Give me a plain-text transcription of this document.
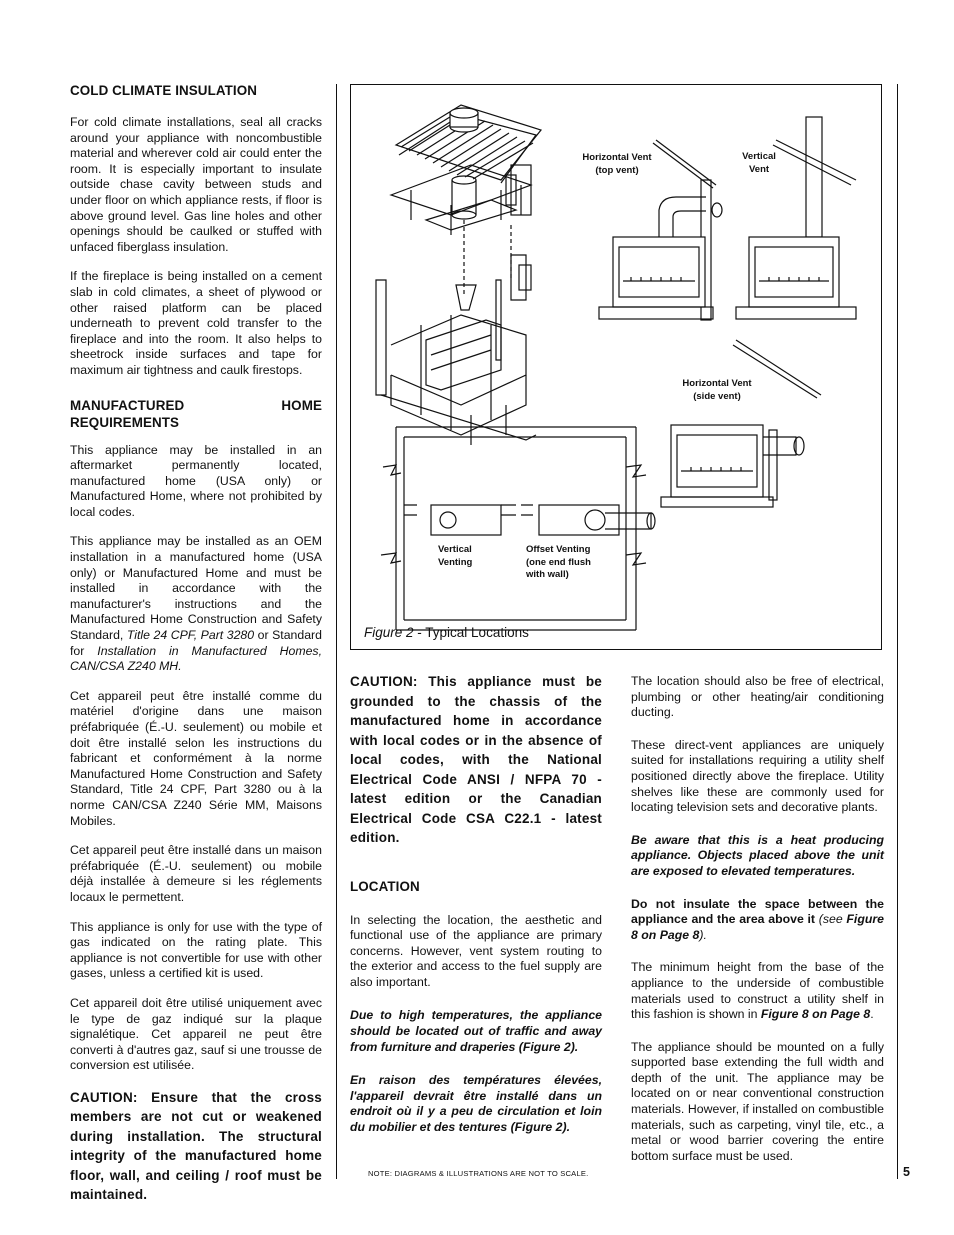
COLD CLIMATE INSULATION

For cold climate installations, seal all cracks around your appliance with noncombustible material and wherever cold air could enter the room. It is especially important to insulate outside chase cavity between studs and under floor on which appliance rests, if floor is above ground level. Gas line holes and other openings should be caulked or stuffed with unfaced fiberglass insulation.

If the fireplace is being installed on a cement slab in cold climates, a sheet of plywood or other raised platform can be placed underneath to prevent cold transfer to the fireplace and into the room. It also helps to sheetrock inside surfaces and tape for maximum air tightness and caulk firestops.

MANUFACTURED HOME REQUIREMENTS

This appliance may be installed in an aftermarket permanently located, manufactured home (USA only) or Manufactured Home, where not prohibited by local codes.

This appliance may be installed as an OEM installation in a manufactured home (USA only) or Manufactured Home and must be installed in accordance with the manufacturer's instructions and the Manufactured Home Construction and Safety Standard, Title 24 CPF, Part 3280 or Standard for Installation in Manufactured Homes, CAN/CSA Z240 MH.

Cet appareil peut être installé comme du matériel d'origine dans une maison préfabriquée (É.-U. seulement) ou mobile et doit être installé selon les instructions du fabricant et conformément à la norme Manufactured Home Construction and Safety Standard, Title 24 CPF, Part 3280 ou à la norme CAN/CSA Z240 Série MM, Maisons Mobiles.

Cet appareil peut être installé dans un maison préfabriquée (É.-U. seulement) ou mobile déjà installée à demeure si les réglements locaux le permettent.

This appliance is only for use with the type of gas indicated on the rating plate. This appliance is not convertible for use with other gases, unless a certified kit is used.

Cet appareil doit être utilisé uniquement avec le type de gaz indiqué sur la plaque signalétique. Cet appareil ne peut être converti à d'autres gaz, sauf si une trousse de conversion est utilisée.

CAUTION: Ensure that the cross members are not cut or weakened during installation. The structural integrity of the manufactured home floor, wall, and ceiling / roof must be maintained.

Horizontal Vent
(top vent)
Vertical
Vent
Horizontal Vent
(side vent)
Vertical
Venting
Offset Venting
(one end flush
with wall)
Figure 2 - Typical Locations

CAUTION: This appliance must be grounded to the chassis of the manufactured home in accordance with local codes or in the absence of local codes, with the National Electrical Code ANSI / NFPA 70 - latest edition or the Canadian Electrical Code CSA C22.1 - latest edition.

LOCATION

In selecting the location, the aesthetic and functional use of the appliance are primary concerns. However, vent system routing to the exterior and access to the fuel supply are also important.

Due to high temperatures, the appliance should be located out of traffic and away from furniture and draperies (Figure 2).

En raison des températures élevées, l'appareil devrait être installé dans un endroit où il y a peu de circulation et loin du mobilier et des tentures (Figure 2).

NOTE: DIAGRAMS & ILLUSTRATIONS ARE NOT TO SCALE.

The location should also be free of electrical, plumbing or other heating/air conditioning ducting.

These direct-vent appliances are uniquely suited for installations requiring a utility shelf positioned directly above the fireplace. Utility shelves like these are commonly used for locating television sets and decorative plants.

Be aware that this is a heat producing appliance. Objects placed above the unit are exposed to elevated temperatures.

Do not insulate the space between the appliance and the area above it (see Figure 8 on Page 8).

The minimum height from the base of the appliance to the underside of combustible materials used to construct a utility shelf in this fashion is shown in Figure 8 on Page 8.

The appliance should be mounted on a fully supported base extending the full width and depth of the unit. The appliance may be located on or near conventional construction materials. However, if installed on combustible materials, such as carpeting, vinyl tile, etc., a metal or wood barrier covering the entire bottom surface must be used.

5
